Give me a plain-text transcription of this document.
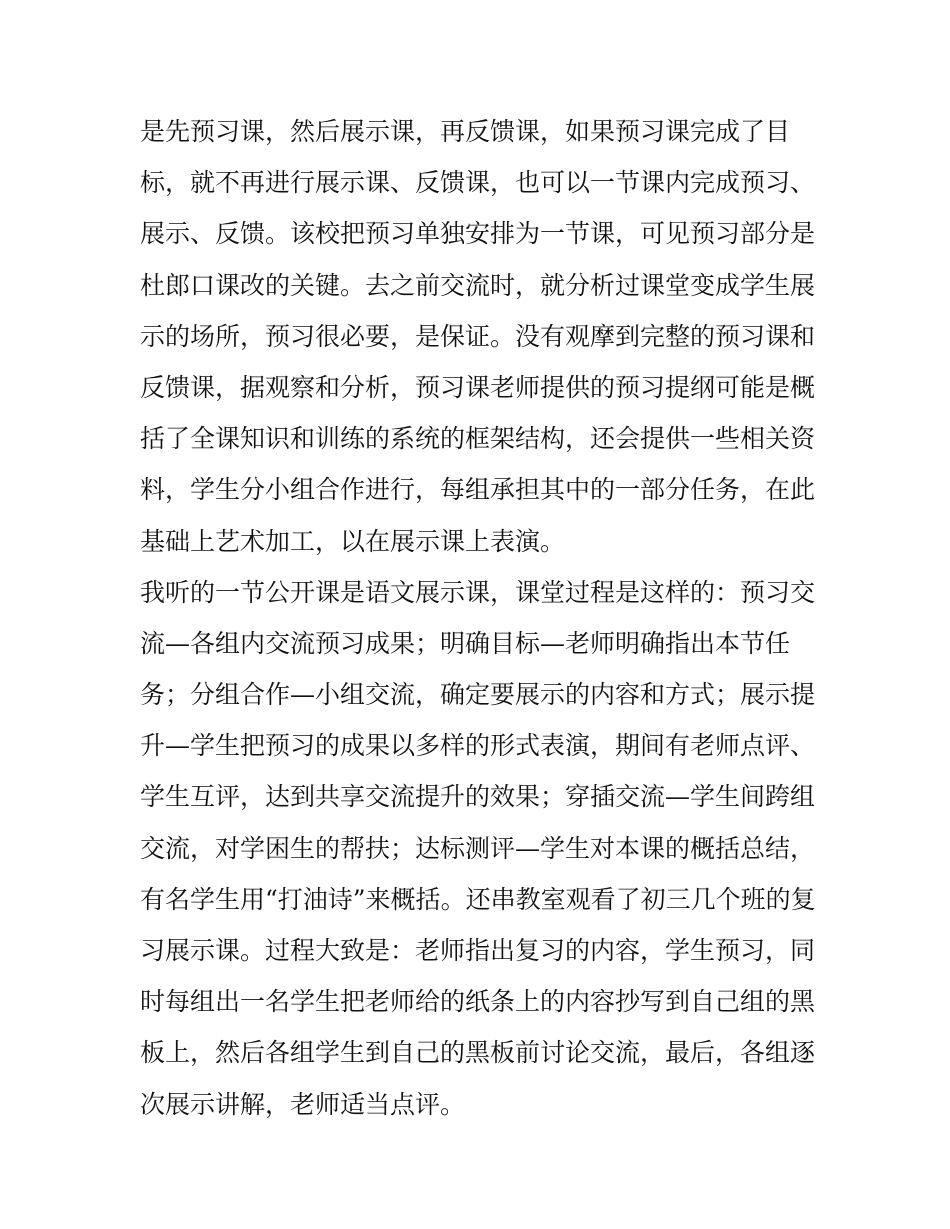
是先预习课，然后展示课，再反馈课，如果预习课完成了目
标，就不再进行展示课、反馈课，也可以一节课内完成预习、
展示、反馈。该校把预习单独安排为一节课，可见预习部分是
杜郎口课改的关键。去之前交流时，就分析过课堂变成学生展
示的场所，预习很必要，是保证。没有观摩到完整的预习课和
反馈课，据观察和分析，预习课老师提供的预习提纲可能是概
括了全课知识和训练的系统的框架结构，还会提供一些相关资
料，学生分小组合作进行，每组承担其中的一部分任务，在此
基础上艺术加工，以在展示课上表演。
我听的一节公开课是语文展示课，课堂过程是这样的：预习交
流—各组内交流预习成果；明确目标—老师明确指出本节任
务；分组合作—小组交流，确定要展示的内容和方式；展示提
升—学生把预习的成果以多样的形式表演，期间有老师点评、
学生互评，达到共享交流提升的效果；穿插交流—学生间跨组
交流，对学困生的帮扶；达标测评—学生对本课的概括总结，
有名学生用“打油诗”来概括。还串教室观看了初三几个班的复
习展示课。过程大致是：老师指出复习的内容，学生预习，同
时每组出一名学生把老师给的纸条上的内容抄写到自己组的黑
板上，然后各组学生到自己的黑板前讨论交流，最后，各组逐
次展示讲解，老师适当点评。
